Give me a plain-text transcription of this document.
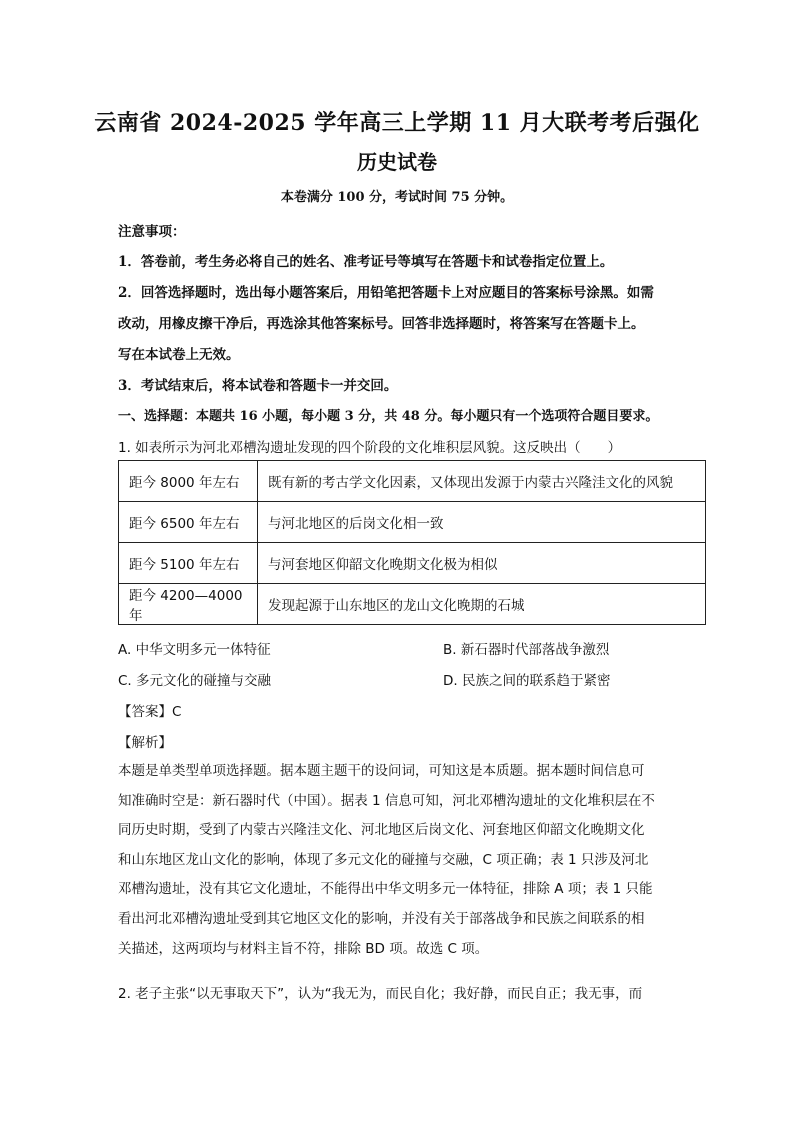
云南省 2024-2025 学年高三上学期 11 月大联考考后强化
历史试卷
本卷满分 100 分，考试时间 75 分钟。
注意事项：
1．答卷前，考生务必将自己的姓名、准考证号等填写在答题卡和试卷指定位置上。
2．回答选择题时，选出每小题答案后，用铅笔把答题卡上对应题目的答案标号涂黑。如需
改动，用橡皮擦干净后，再选涂其他答案标号。回答非选择题时，将答案写在答题卡上。
写在本试卷上无效。
3．考试结束后，将本试卷和答题卡一并交回。
一、选择题：本题共 16 小题，每小题 3 分，共 48 分。每小题只有一个选项符合题目要求。
1. 如表所示为河北邓槽沟遗址发现的四个阶段的文化堆积层风貌。这反映出（　　）
距今 8000 年左右	既有新的考古学文化因素，又体现出发源于内蒙古兴隆洼文化的风貌
距今 6500 年左右	与河北地区的后岗文化相一致
距今 5100 年左右	与河套地区仰韶文化晚期文化极为相似
距今 4200—4000 年	发现起源于山东地区的龙山文化晚期的石城
A. 中华文明多元一体特征	B. 新石器时代部落战争激烈
C. 多元文化的碰撞与交融	D. 民族之间的联系趋于紧密
【答案】C
【解析】
本题是单类型单项选择题。据本题主题干的设问词，可知这是本质题。据本题时间信息可
知准确时空是：新石器时代（中国）。据表 1 信息可知，河北邓槽沟遗址的文化堆积层在不
同历史时期，受到了内蒙古兴隆洼文化、河北地区后岗文化、河套地区仰韶文化晚期文化
和山东地区龙山文化的影响，体现了多元文化的碰撞与交融，C 项正确；表 1 只涉及河北
邓槽沟遗址，没有其它文化遗址，不能得出中华文明多元一体特征，排除 A 项；表 1 只能
看出河北邓槽沟遗址受到其它地区文化的影响，并没有关于部落战争和民族之间联系的相
关描述，这两项均与材料主旨不符，排除 BD 项。故选 C 项。
2. 老子主张“以无事取天下”，认为“我无为，而民自化；我好静，而民自正；我无事，而
